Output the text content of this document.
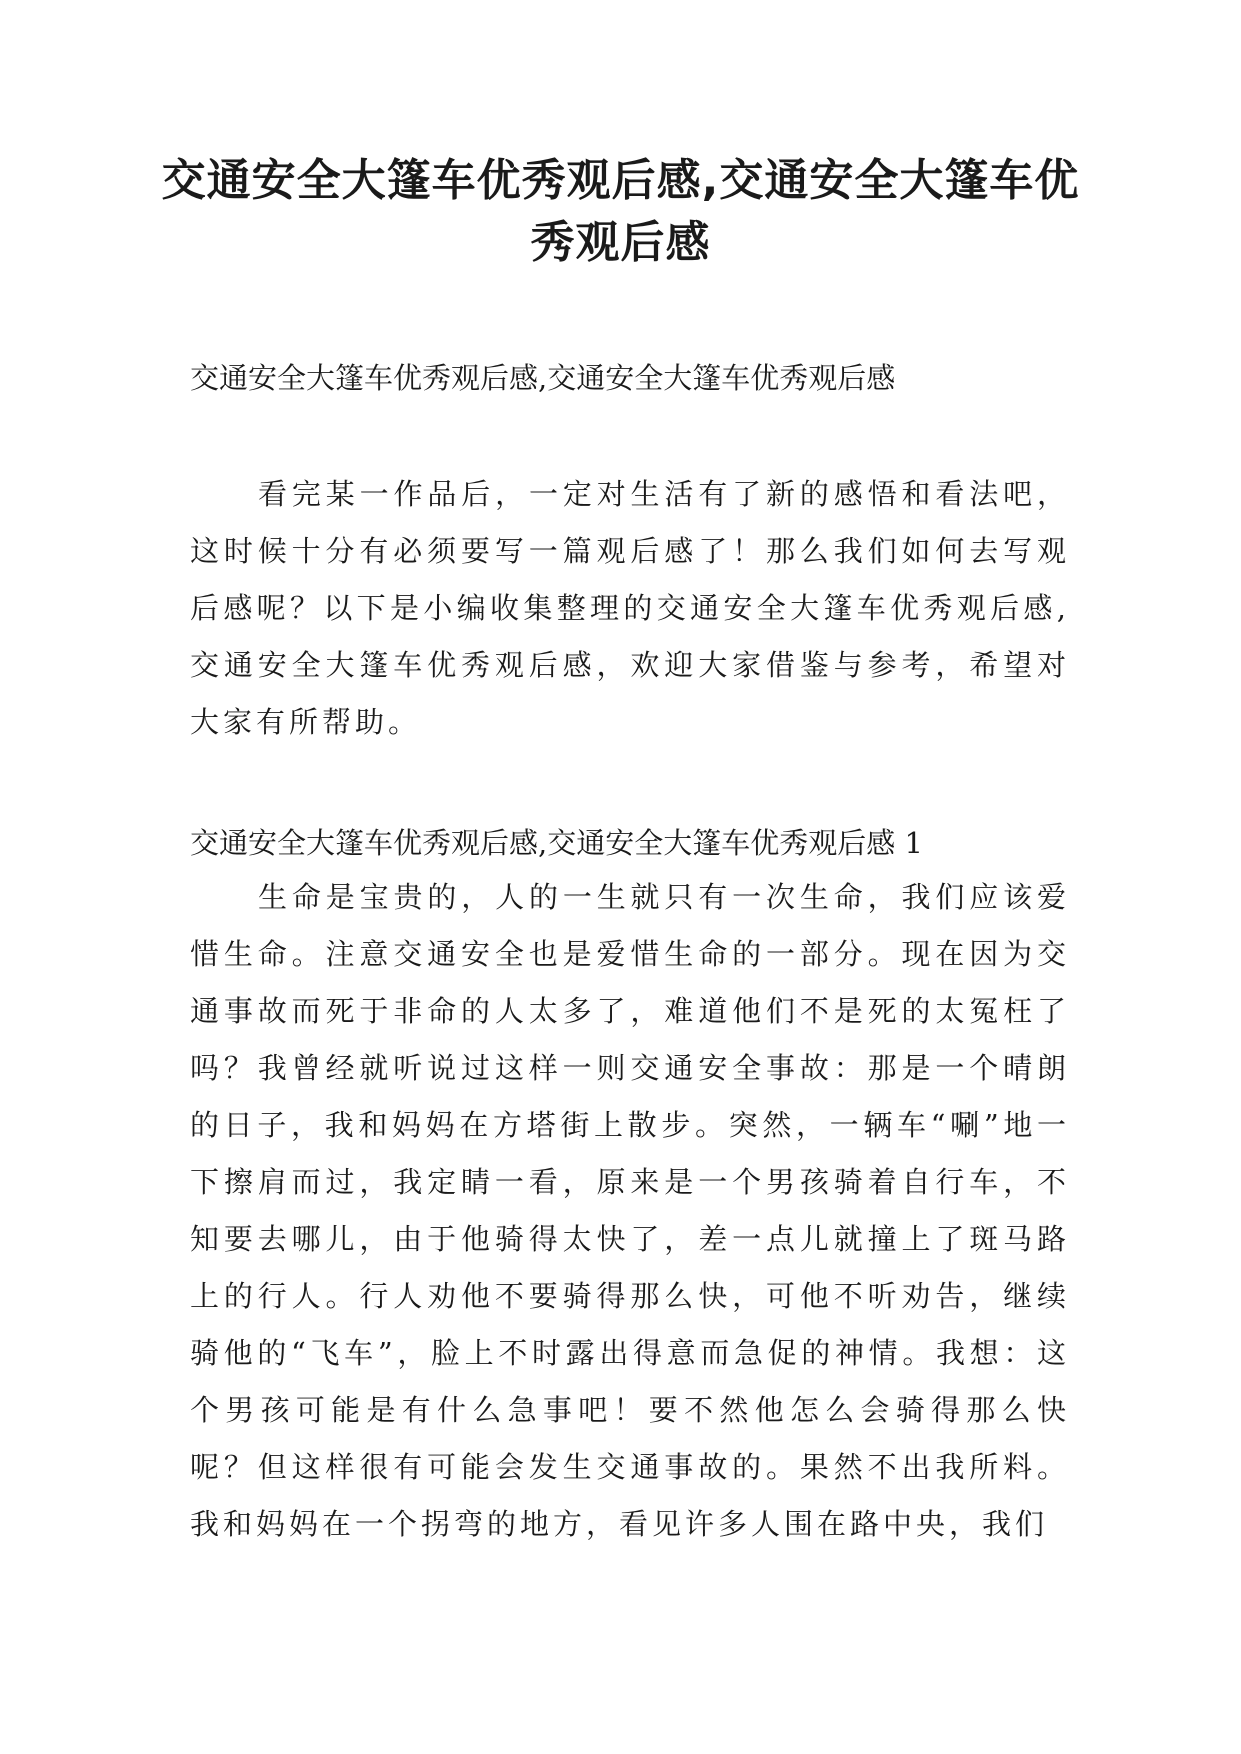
交通安全大篷车优秀观后感,交通安全大篷车优秀观后感

交通安全大篷车优秀观后感,交通安全大篷车优秀观后感

看完某一作品后，一定对生活有了新的感悟和看法吧，这时候十分有必须要写一篇观后感了！那么我们如何去写观后感呢？以下是小编收集整理的交通安全大篷车优秀观后感,交通安全大篷车优秀观后感，欢迎大家借鉴与参考，希望对大家有所帮助。

交通安全大篷车优秀观后感,交通安全大篷车优秀观后感 1

生命是宝贵的，人的一生就只有一次生命，我们应该爱惜生命。注意交通安全也是爱惜生命的一部分。现在因为交通事故而死于非命的人太多了，难道他们不是死的太冤枉了吗？我曾经就听说过这样一则交通安全事故：那是一个晴朗的日子，我和妈妈在方塔街上散步。突然，一辆车“唰”地一下擦肩而过，我定睛一看，原来是一个男孩骑着自行车，不知要去哪儿，由于他骑得太快了，差一点儿就撞上了斑马路上的行人。行人劝他不要骑得那么快，可他不听劝告，继续骑他的“飞车”，脸上不时露出得意而急促的神情。我想：这个男孩可能是有什么急事吧！要不然他怎么会骑得那么快呢？但这样很有可能会发生交通事故的。果然不出我所料。我和妈妈在一个拐弯的地方，看见许多人围在路中央，我们
